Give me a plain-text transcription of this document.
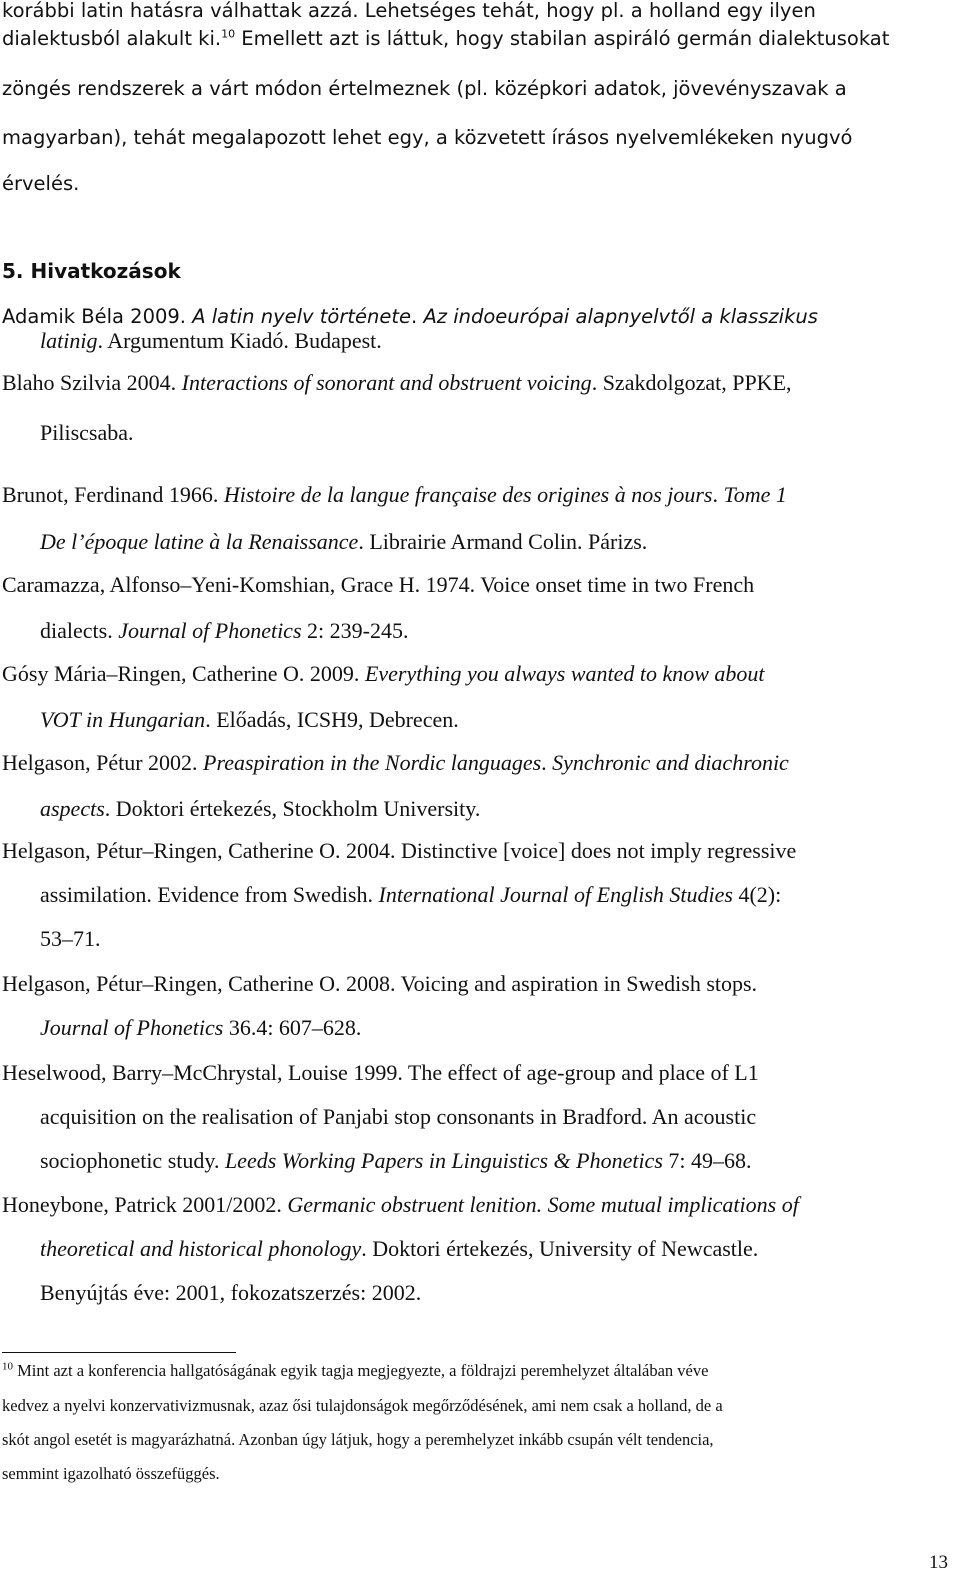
korábbi latin hatásra válhattak azzá. Lehetséges tehát, hogy pl. a holland egy ilyen
dialektusból alakult ki.$^{10}$ Emellett azt is láttuk, hogy stabilan aspiráló germán dialektusokat
zöngés rendszerek a várt módon értelmeznek (pl. középkori adatok, jövevényszavak a
magyarban), tehát megalapozott lehet egy, a közvetett írásos nyelvemlékeken nyugvó
érvelés.
5. Hivatkozások
Adamik Béla 2009. A latin nyelv története. Az indoeurópai alapnyelvtől a klasszikus
latinig. Argumentum Kiadó. Budapest.
Blaho Szilvia 2004. Interactions of sonorant and obstruent voicing. Szakdolgozat, PPKE,
Piliscsaba.
Brunot, Ferdinand 1966. Histoire de la langue française des origines à nos jours. Tome 1
De l’époque latine à la Renaissance. Librairie Armand Colin. Párizs.
Caramazza, Alfonso–Yeni-Komshian, Grace H. 1974. Voice onset time in two French
dialects. Journal of Phonetics 2: 239-245.
Gósy Mária–Ringen, Catherine O. 2009. Everything you always wanted to know about
VOT in Hungarian. Előadás, ICSH9, Debrecen.
Helgason, Pétur 2002. Preaspiration in the Nordic languages. Synchronic and diachronic
aspects. Doktori értekezés, Stockholm University.
Helgason, Pétur–Ringen, Catherine O. 2004. Distinctive [voice] does not imply regressive
assimilation. Evidence from Swedish. International Journal of English Studies 4(2):
53–71.
Helgason, Pétur–Ringen, Catherine O. 2008. Voicing and aspiration in Swedish stops.
Journal of Phonetics 36.4: 607–628.
Heselwood, Barry–McChrystal, Louise 1999. The effect of age-group and place of L1
acquisition on the realisation of Panjabi stop consonants in Bradford. An acoustic
sociophonetic study. Leeds Working Papers in Linguistics & Phonetics 7: 49–68.
Honeybone, Patrick 2001/2002. Germanic obstruent lenition. Some mutual implications of
theoretical and historical phonology. Doktori értekezés, University of Newcastle.
Benyújtás éve: 2001, fokozatszerzés: 2002.
$^{10}$ Mint azt a konferencia hallgatóságának egyik tagja megjegyezte, a földrajzi peremhelyzet általában véve
kedvez a nyelvi konzervativizmusnak, azaz ősi tulajdonságok megőrződésének, ami nem csak a holland, de a
skót angol esetét is magyarázhatná. Azonban úgy látjuk, hogy a peremhelyzet inkább csupán vélt tendencia,
semmint igazolható összefüggés.
13
